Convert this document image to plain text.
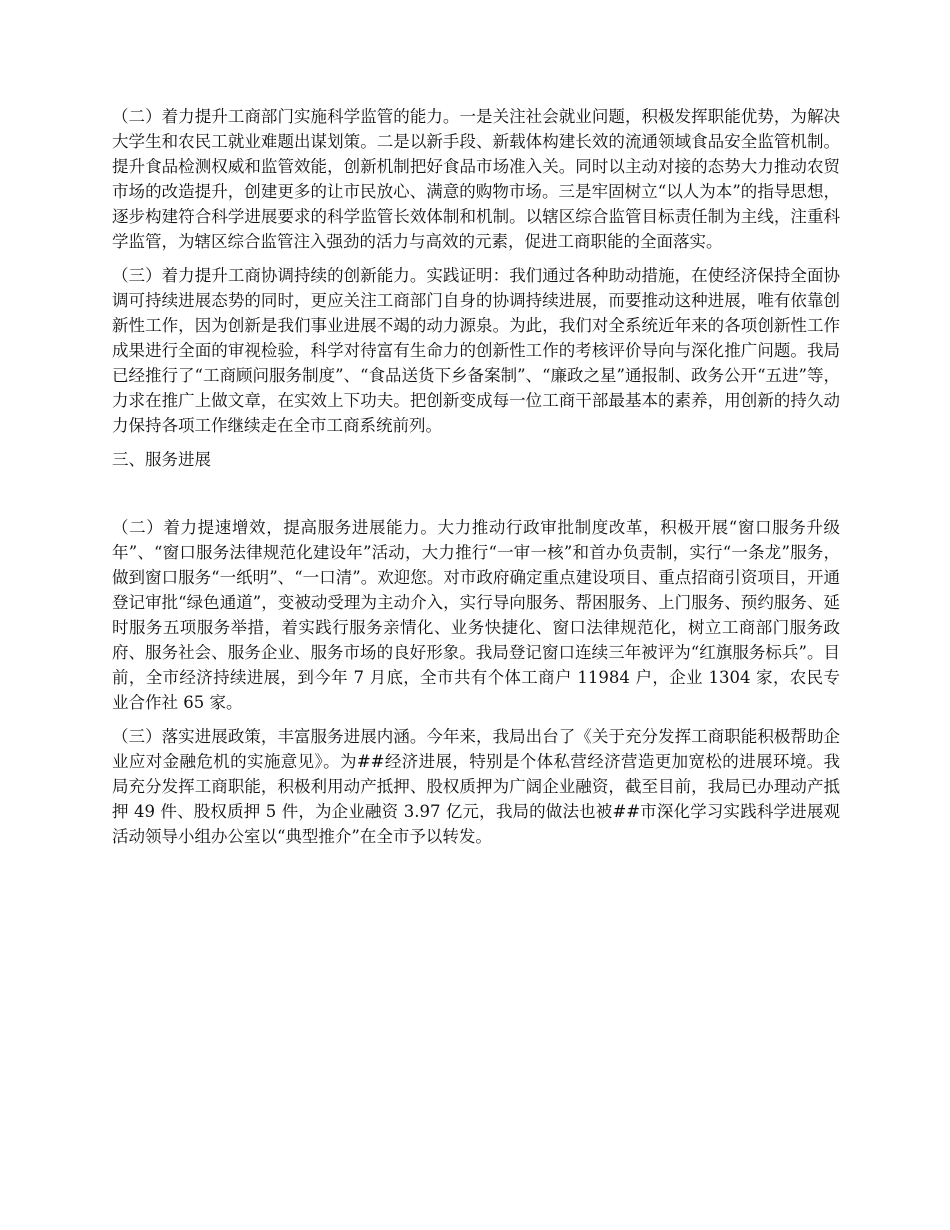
（二）着力提升工商部门实施科学监管的能力。一是关注社会就业问题，积极发挥职能优势，为解决大学生和农民工就业难题出谋划策。二是以新手段、新载体构建长效的流通领域食品安全监管机制。提升食品检测权威和监管效能，创新机制把好食品市场准入关。同时以主动对接的态势大力推动农贸市场的改造提升，创建更多的让市民放心、满意的购物市场。三是牢固树立“以人为本”的指导思想，逐步构建符合科学进展要求的科学监管长效体制和机制。以辖区综合监管目标责任制为主线，注重科学监管，为辖区综合监管注入强劲的活力与高效的元素，促进工商职能的全面落实。

（三）着力提升工商协调持续的创新能力。实践证明：我们通过各种助动措施，在使经济保持全面协调可持续进展态势的同时，更应关注工商部门自身的协调持续进展，而要推动这种进展，唯有依靠创新性工作，因为创新是我们事业进展不竭的动力源泉。为此，我们对全系统近年来的各项创新性工作成果进行全面的审视检验，科学对待富有生命力的创新性工作的考核评价导向与深化推广问题。我局已经推行了“工商顾问服务制度”、“食品送货下乡备案制”、“廉政之星”通报制、政务公开“五进”等，力求在推广上做文章，在实效上下功夫。把创新变成每一位工商干部最基本的素养，用创新的持久动力保持各项工作继续走在全市工商系统前列。

三、服务进展

（二）着力提速增效，提高服务进展能力。大力推动行政审批制度改革，积极开展“窗口服务升级年”、“窗口服务法律规范化建设年”活动，大力推行“一审一核”和首办负责制，实行“一条龙”服务，做到窗口服务“一纸明”、“一口清”。欢迎您。对市政府确定重点建设项目、重点招商引资项目，开通登记审批“绿色通道”，变被动受理为主动介入，实行导向服务、帮困服务、上门服务、预约服务、延时服务五项服务举措，着实践行服务亲情化、业务快捷化、窗口法律规范化，树立工商部门服务政府、服务社会、服务企业、服务市场的良好形象。我局登记窗口连续三年被评为“红旗服务标兵”。目前，全市经济持续进展，到今年 7 月底，全市共有个体工商户 11984 户，企业 1304 家，农民专业合作社 65 家。

（三）落实进展政策，丰富服务进展内涵。今年来，我局出台了《关于充分发挥工商职能积极帮助企业应对金融危机的实施意见》。为##经济进展，特别是个体私营经济营造更加宽松的进展环境。我局充分发挥工商职能，积极利用动产抵押、股权质押为广阔企业融资，截至目前，我局已办理动产抵押 49 件、股权质押 5 件，为企业融资 3.97 亿元，我局的做法也被##市深化学习实践科学进展观活动领导小组办公室以“典型推介”在全市予以转发。
